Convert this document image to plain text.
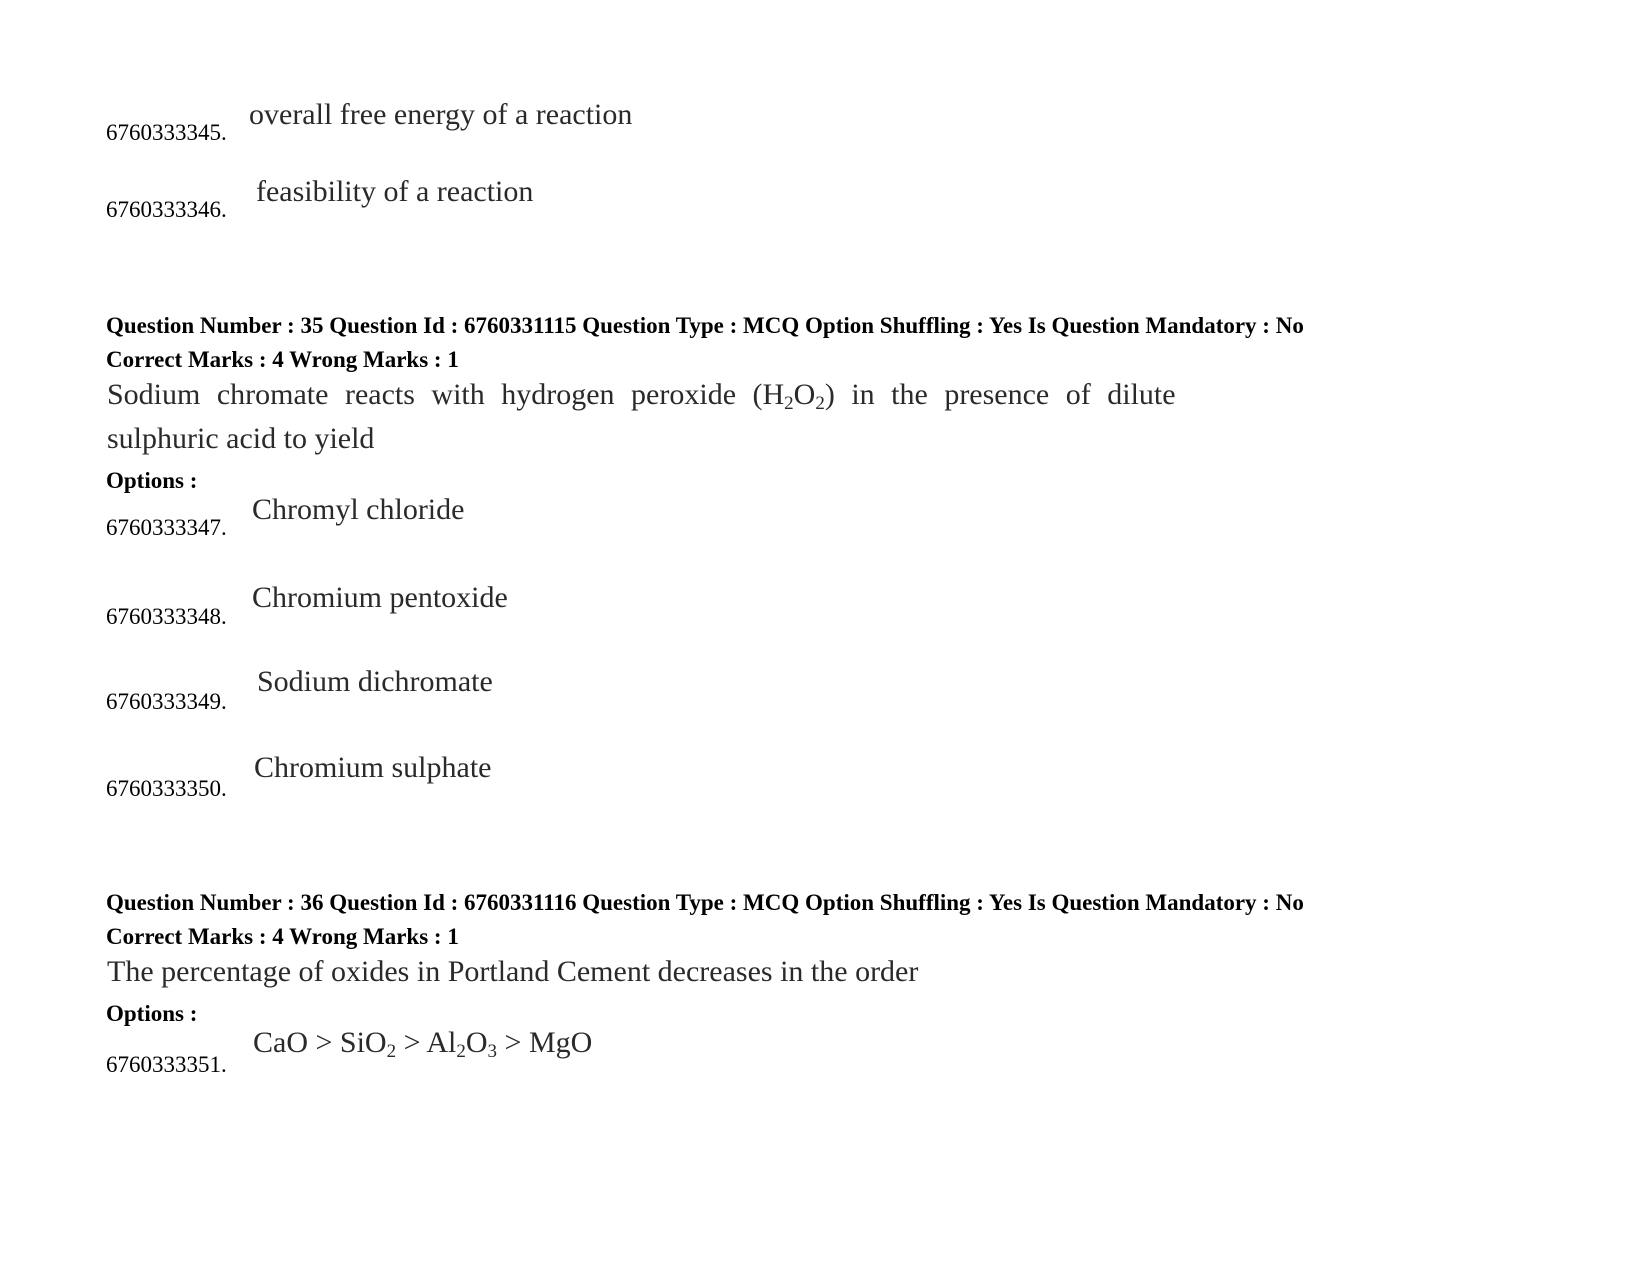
6760333345.
overall free energy of a reaction
6760333346.
feasibility of a reaction
Question Number : 35 Question Id : 6760331115 Question Type : MCQ Option Shuffling : Yes Is Question Mandatory : No
Correct Marks : 4 Wrong Marks : 1
Sodium chromate reacts with hydrogen peroxide $(H_2O_2)$ in the presence of dilute
sulphuric acid to yield
Options :
6760333347.
Chromyl chloride
6760333348.
Chromium pentoxide
6760333349.
Sodium dichromate
6760333350.
Chromium sulphate
Question Number : 36 Question Id : 6760331116 Question Type : MCQ Option Shuffling : Yes Is Question Mandatory : No
Correct Marks : 4 Wrong Marks : 1
The percentage of oxides in Portland Cement decreases in the order
Options :
6760333351.
CaO > $SiO_2 > Al_2O_3$ > MgO
